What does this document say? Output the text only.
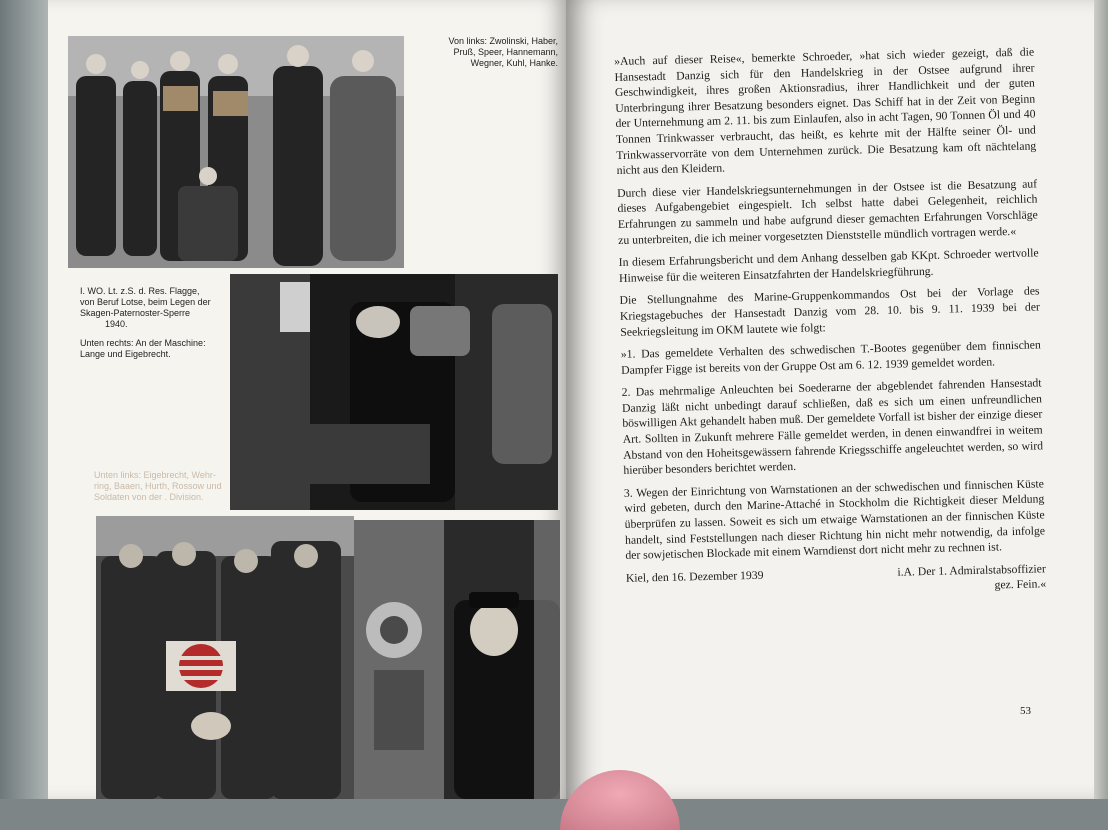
Von links: Zwolinski, Haber,
Pruß, Speer, Hannemann,
Wegner, Kuhl, Hanke.
I. WO. Lt. z.S. d. Res. Flagge,
von Beruf Lotse, beim Legen der
Skagen-Paternoster-Sperre
1940.
Unten rechts: An der Maschine:
Lange und Eigebrecht.
Unten links: Eigebrecht, Wehr-
ring, Baaen, Hurth, Rossow und
Soldaten von der . Division.

»Auch auf dieser Reise«, bemerkte Schroeder, »hat sich wieder gezeigt, daß die Hansestadt Danzig sich für den Handelskrieg in der Ostsee aufgrund ihrer Geschwindigkeit, ihres großen Aktionsradius, ihrer Handlichkeit und der guten Unterbringung ihrer Besatzung besonders eignet. Das Schiff hat in der Zeit von Beginn der Unternehmung am 2. 11. bis zum Einlaufen, also in acht Tagen, 90 Tonnen Öl und 40 Tonnen Trinkwasser verbraucht, das heißt, es kehrte mit der Hälfte seiner Öl- und Trinkwasservorräte von dem Unternehmen zurück. Die Besatzung kam oft nächtelang nicht aus den Kleidern.

Durch diese vier Handelskriegsunternehmungen in der Ostsee ist die Besatzung auf dieses Aufgabengebiet eingespielt. Ich selbst hatte dabei Gelegenheit, reichlich Erfahrungen zu sammeln und habe aufgrund dieser gemachten Erfahrungen Vorschläge zu unterbreiten, die ich meiner vorgesetzten Dienststelle mündlich vortragen werde.«

In diesem Erfahrungsbericht und dem Anhang desselben gab KKpt. Schroeder wertvolle Hinweise für die weiteren Einsatzfahrten der Handelskriegführung.

Die Stellungnahme des Marine-Gruppenkommandos Ost bei der Vorlage des Kriegstagebuches der Hansestadt Danzig vom 28. 10. bis 9. 11. 1939 bei der Seekriegsleitung im OKM lautete wie folgt:

»1. Das gemeldete Verhalten des schwedischen T.-Bootes gegenüber dem finnischen Dampfer Figge ist bereits von der Gruppe Ost am 6. 12. 1939 gemeldet worden.

2. Das mehrmalige Anleuchten bei Soederarne der abgeblendet fahrenden Hansestadt Danzig läßt nicht unbedingt darauf schließen, daß es sich um einen unfreundlichen böswilligen Akt gehandelt haben muß. Der gemeldete Vorfall ist bisher der einzige dieser Art. Sollten in Zukunft mehrere Fälle gemeldet werden, in denen einwandfrei in weitem Abstand von den Hoheitsgewässern fahrende Kriegsschiffe angeleuchtet werden, so wird hierüber besonders berichtet werden.

3. Wegen der Einrichtung von Warnstationen an der schwedischen und finnischen Küste wird gebeten, durch den Marine-Attaché in Stockholm die Richtigkeit dieser Meldung überprüfen zu lassen. Soweit es sich um etwaige Warnstationen an der finnischen Küste handelt, sind Feststellungen nach dieser Richtung hin nicht mehr notwendig, da infolge der sowjetischen Blockade mit einem Warndienst dort nicht mehr zu rechnen ist.

Kiel, den 16. Dezember 1939	i.A. Der 1. Admiralstabsoffizier
gez. Fein.«
53
